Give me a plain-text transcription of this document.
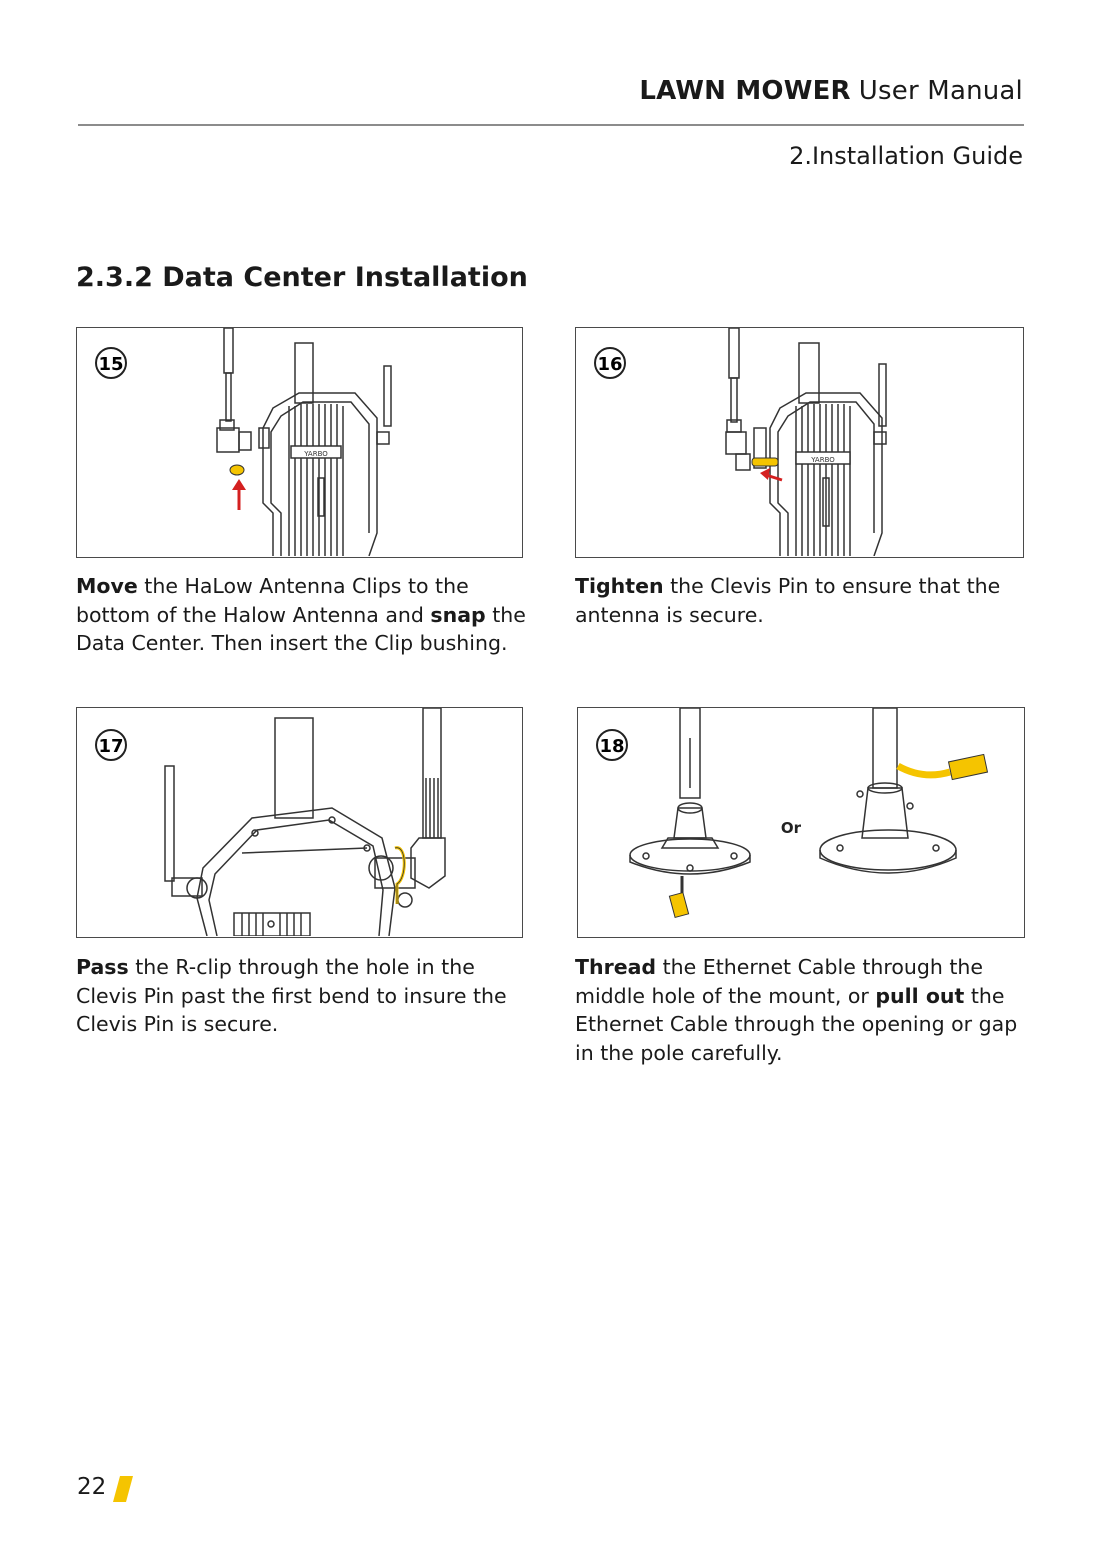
LAWN MOWER User Manual
2.Installation Guide
2.3.2 Data Center Installation
15
YARBO
16
YARBO
17	18
Or
Move the HaLow Antenna Clips to the bottom of the Halow Antenna and snap the Data Center. Then insert the Clip bushing.
Tighten the Clevis Pin to ensure that the antenna is secure.
Pass the R-clip through the hole in the Clevis Pin past the first bend to insure the Clevis Pin is secure.
Thread the Ethernet Cable through the middle hole of the mount, or pull out the Ethernet Cable through the opening or gap in the pole carefully.
22
